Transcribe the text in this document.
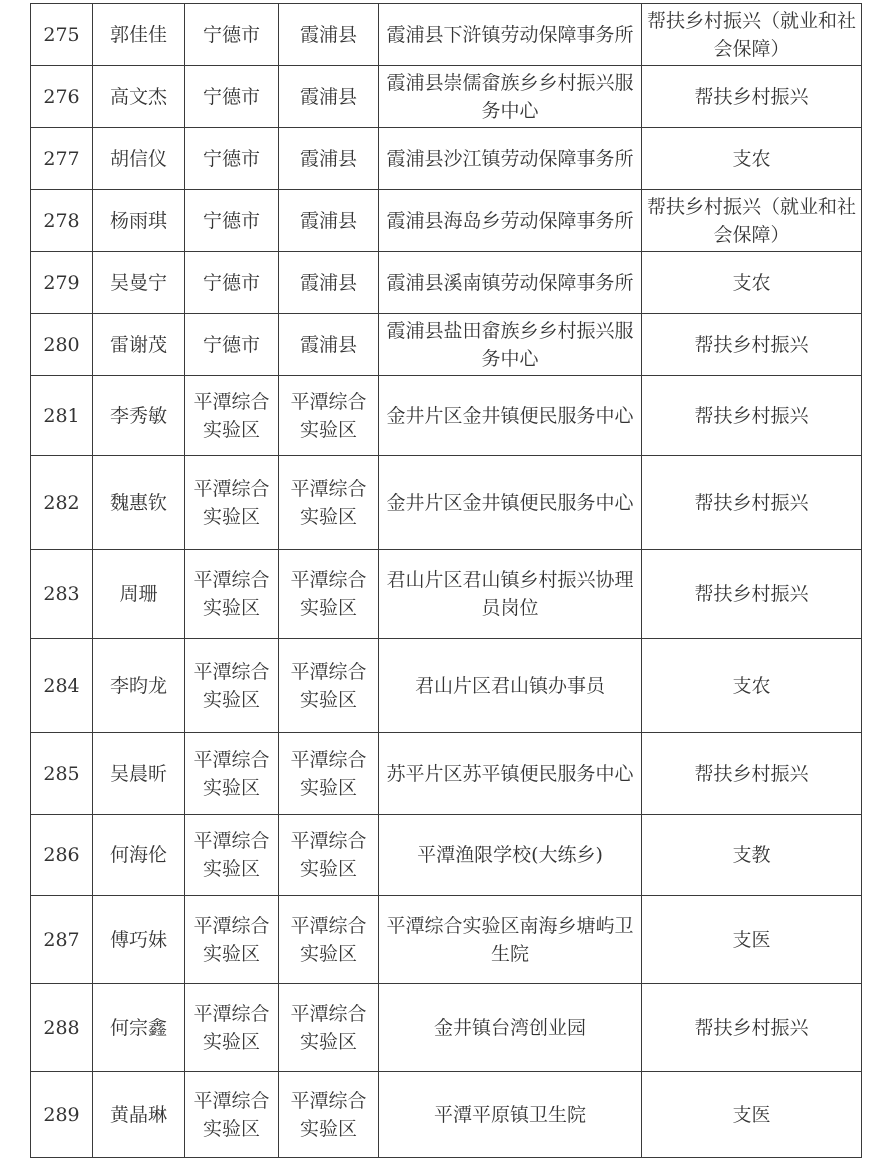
275	郭佳佳	宁德市	霞浦县	霞浦县下浒镇劳动保障事务所	帮扶乡村振兴（就业和社会保障）
276	高文杰	宁德市	霞浦县	霞浦县崇儒畲族乡乡村振兴服务中心	帮扶乡村振兴
277	胡信仪	宁德市	霞浦县	霞浦县沙江镇劳动保障事务所	支农
278	杨雨琪	宁德市	霞浦县	霞浦县海岛乡劳动保障事务所	帮扶乡村振兴（就业和社会保障）
279	吴曼宁	宁德市	霞浦县	霞浦县溪南镇劳动保障事务所	支农
280	雷谢茂	宁德市	霞浦县	霞浦县盐田畲族乡乡村振兴服务中心	帮扶乡村振兴
281	李秀敏	平潭综合实验区	平潭综合实验区	金井片区金井镇便民服务中心	帮扶乡村振兴
282	魏惠钦	平潭综合实验区	平潭综合实验区	金井片区金井镇便民服务中心	帮扶乡村振兴
283	周珊	平潭综合实验区	平潭综合实验区	君山片区君山镇乡村振兴协理员岗位	帮扶乡村振兴
284	李昀龙	平潭综合实验区	平潭综合实验区	君山片区君山镇办事员	支农
285	吴晨昕	平潭综合实验区	平潭综合实验区	苏平片区苏平镇便民服务中心	帮扶乡村振兴
286	何海伦	平潭综合实验区	平潭综合实验区	平潭渔限学校(大练乡)	支教
287	傅巧妹	平潭综合实验区	平潭综合实验区	平潭综合实验区南海乡塘屿卫生院	支医
288	何宗鑫	平潭综合实验区	平潭综合实验区	金井镇台湾创业园	帮扶乡村振兴
289	黄晶琳	平潭综合实验区	平潭综合实验区	平潭平原镇卫生院	支医
